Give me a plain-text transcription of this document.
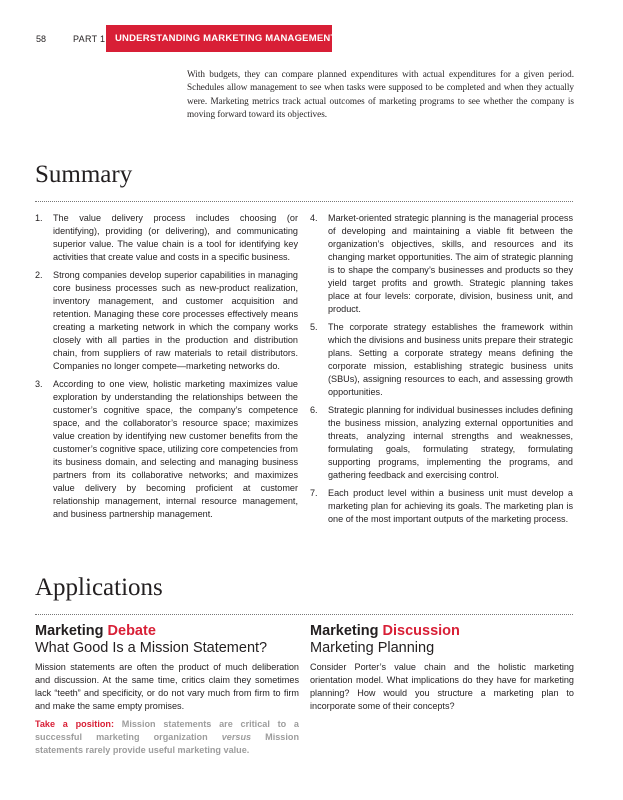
58	PART 1 UNDERSTANDING MARKETING MANAGEMENT

With budgets, they can compare planned expenditures with actual expenditures for a given period. Schedules allow management to see when tasks were supposed to be completed and when they actually were. Marketing metrics track actual outcomes of marketing programs to see whether the company is moving forward toward its objectives.

Summary
1. The value delivery process includes choosing (or identifying), providing (or delivering), and communicating superior value. The value chain is a tool for identifying key activities that create value and costs in a specific business.
2. Strong companies develop superior capabilities in managing core business processes such as new-product realization, inventory management, and customer acquisition and retention. Managing these core processes effectively means creating a marketing network in which the company works closely with all parties in the production and distribution chain, from suppliers of raw materials to retail distributors. Companies no longer compete—marketing networks do.
3. According to one view, holistic marketing maximizes value exploration by understanding the relationships between the customer’s cognitive space, the company’s competence space, and the collaborator’s resource space; maximizes value creation by identifying new customer benefits from the customer’s cognitive space, utilizing core competencies from its business domain, and selecting and managing business partners from its collaborative networks; and maximizes value delivery by becoming proficient at customer relationship management, internal resource management, and business partnership management.
4. Market-oriented strategic planning is the managerial process of developing and maintaining a viable fit between the organization’s objectives, skills, and resources and its changing market opportunities. The aim of strategic planning is to shape the company’s businesses and products so they yield target profits and growth. Strategic planning takes place at four levels: corporate, division, business unit, and product.
5. The corporate strategy establishes the framework within which the divisions and business units prepare their strategic plans. Setting a corporate strategy means defining the corporate mission, establishing strategic business units (SBUs), assigning resources to each, and assessing growth opportunities.
6. Strategic planning for individual businesses includes defining the business mission, analyzing external opportunities and threats, analyzing internal strengths and weaknesses, formulating goals, formulating strategy, formulating supporting programs, implementing the programs, and gathering feedback and exercising control.
7. Each product level within a business unit must develop a marketing plan for achieving its goals. The marketing plan is one of the most important outputs of the marketing process.
Applications

Marketing Debate

What Good Is a Mission Statement?

Mission statements are often the product of much deliberation and discussion. At the same time, critics claim they sometimes lack “teeth” and specificity, or do not vary much from firm to firm and make the same empty promises.

Take a position: Mission statements are critical to a successful marketing organization versus Mission statements rarely provide useful marketing value.

Marketing Discussion

Marketing Planning

Consider Porter’s value chain and the holistic marketing orientation model. What implications do they have for marketing planning? How would you structure a marketing plan to incorporate some of their concepts?
